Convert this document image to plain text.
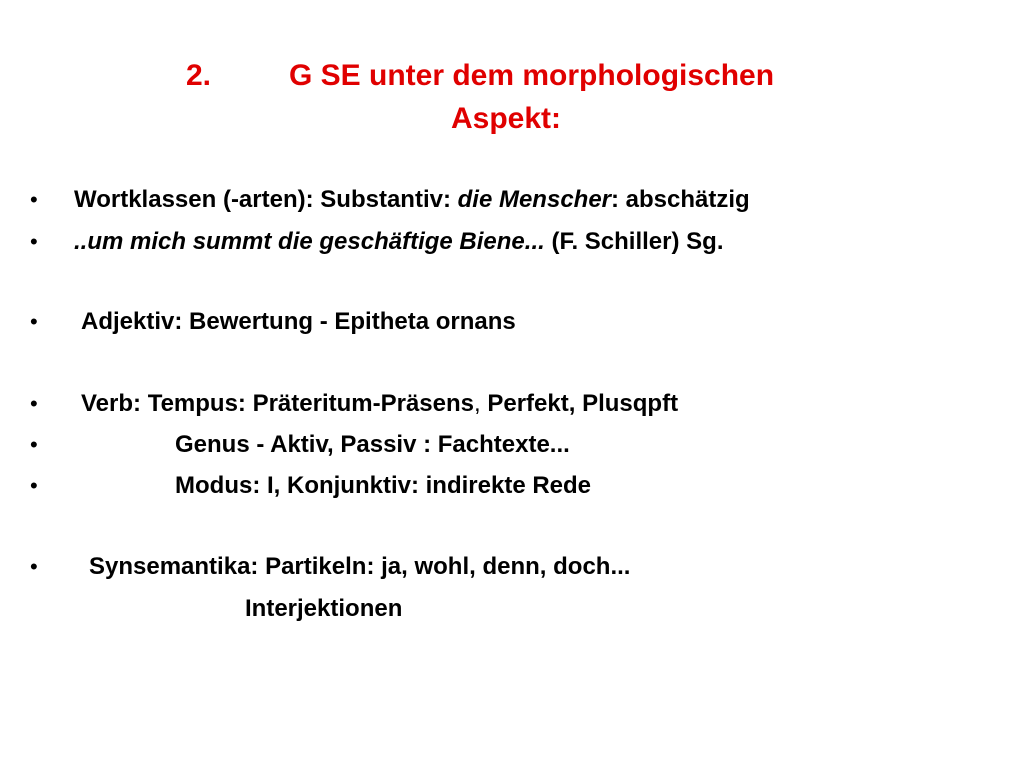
2.	G SE unter dem morphologischen
Aspekt:
• Wortklassen (-arten): Substantiv: die Menscher: abschätzig
• ..um mich summt die geschäftige Biene... (F. Schiller) Sg.
• Adjektiv: Bewertung - Epitheta ornans
• Verb: Tempus: Präteritum-Präsens, Perfekt, Plusqpft
•	Genus - Aktiv, Passiv : Fachtexte...
•	Modus: I, Konjunktiv: indirekte Rede
• Synsemantika: Partikeln: ja, wohl, denn, doch...
Interjektionen
